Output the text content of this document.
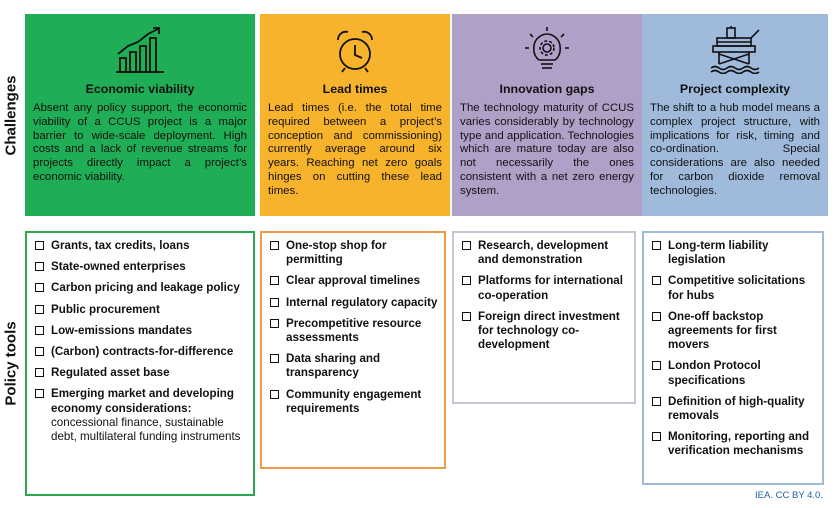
Challenges
Policy tools
Economic viability

Absent any policy support, the economic viability of a CCUS project is a major barrier to wide-scale deployment. High costs and a lack of revenue streams for projects directly impact a project’s economic viability.

Lead times

Lead times (i.e. the total time required between a project’s conception and commissioning) currently average around six years. Reaching net zero goals hinges on cutting these lead times.

Innovation gaps

The technology maturity of CCUS varies considerably by technology type and application. Technologies which are mature today are also not necessarily the ones consistent with a net zero energy system.

Project complexity

The shift to a hub model means a complex project structure, with implications for risk, timing and co-ordination. Special considerations are also needed for carbon dioxide removal technologies.

Grants, tax credits, loans
State-owned enterprises
Carbon pricing and leakage policy
Public procurement
Low-emissions mandates
(Carbon) contracts-for-difference
Regulated asset base
Emerging market and developing economy considerations: concessional finance, sustainable debt, multilateral funding instruments
One-stop shop for permitting
Clear approval timelines
Internal regulatory capacity
Precompetitive resource assessments
Data sharing and transparency
Community engagement requirements
Research, development and demonstration
Platforms for international co-operation
Foreign direct investment for technology co-development
Long-term liability legislation
Competitive solicitations for hubs
One-off backstop agreements for first movers
London Protocol specifications
Definition of high-quality removals
Monitoring, reporting and verification mechanisms
IEA. CC BY 4.0.
